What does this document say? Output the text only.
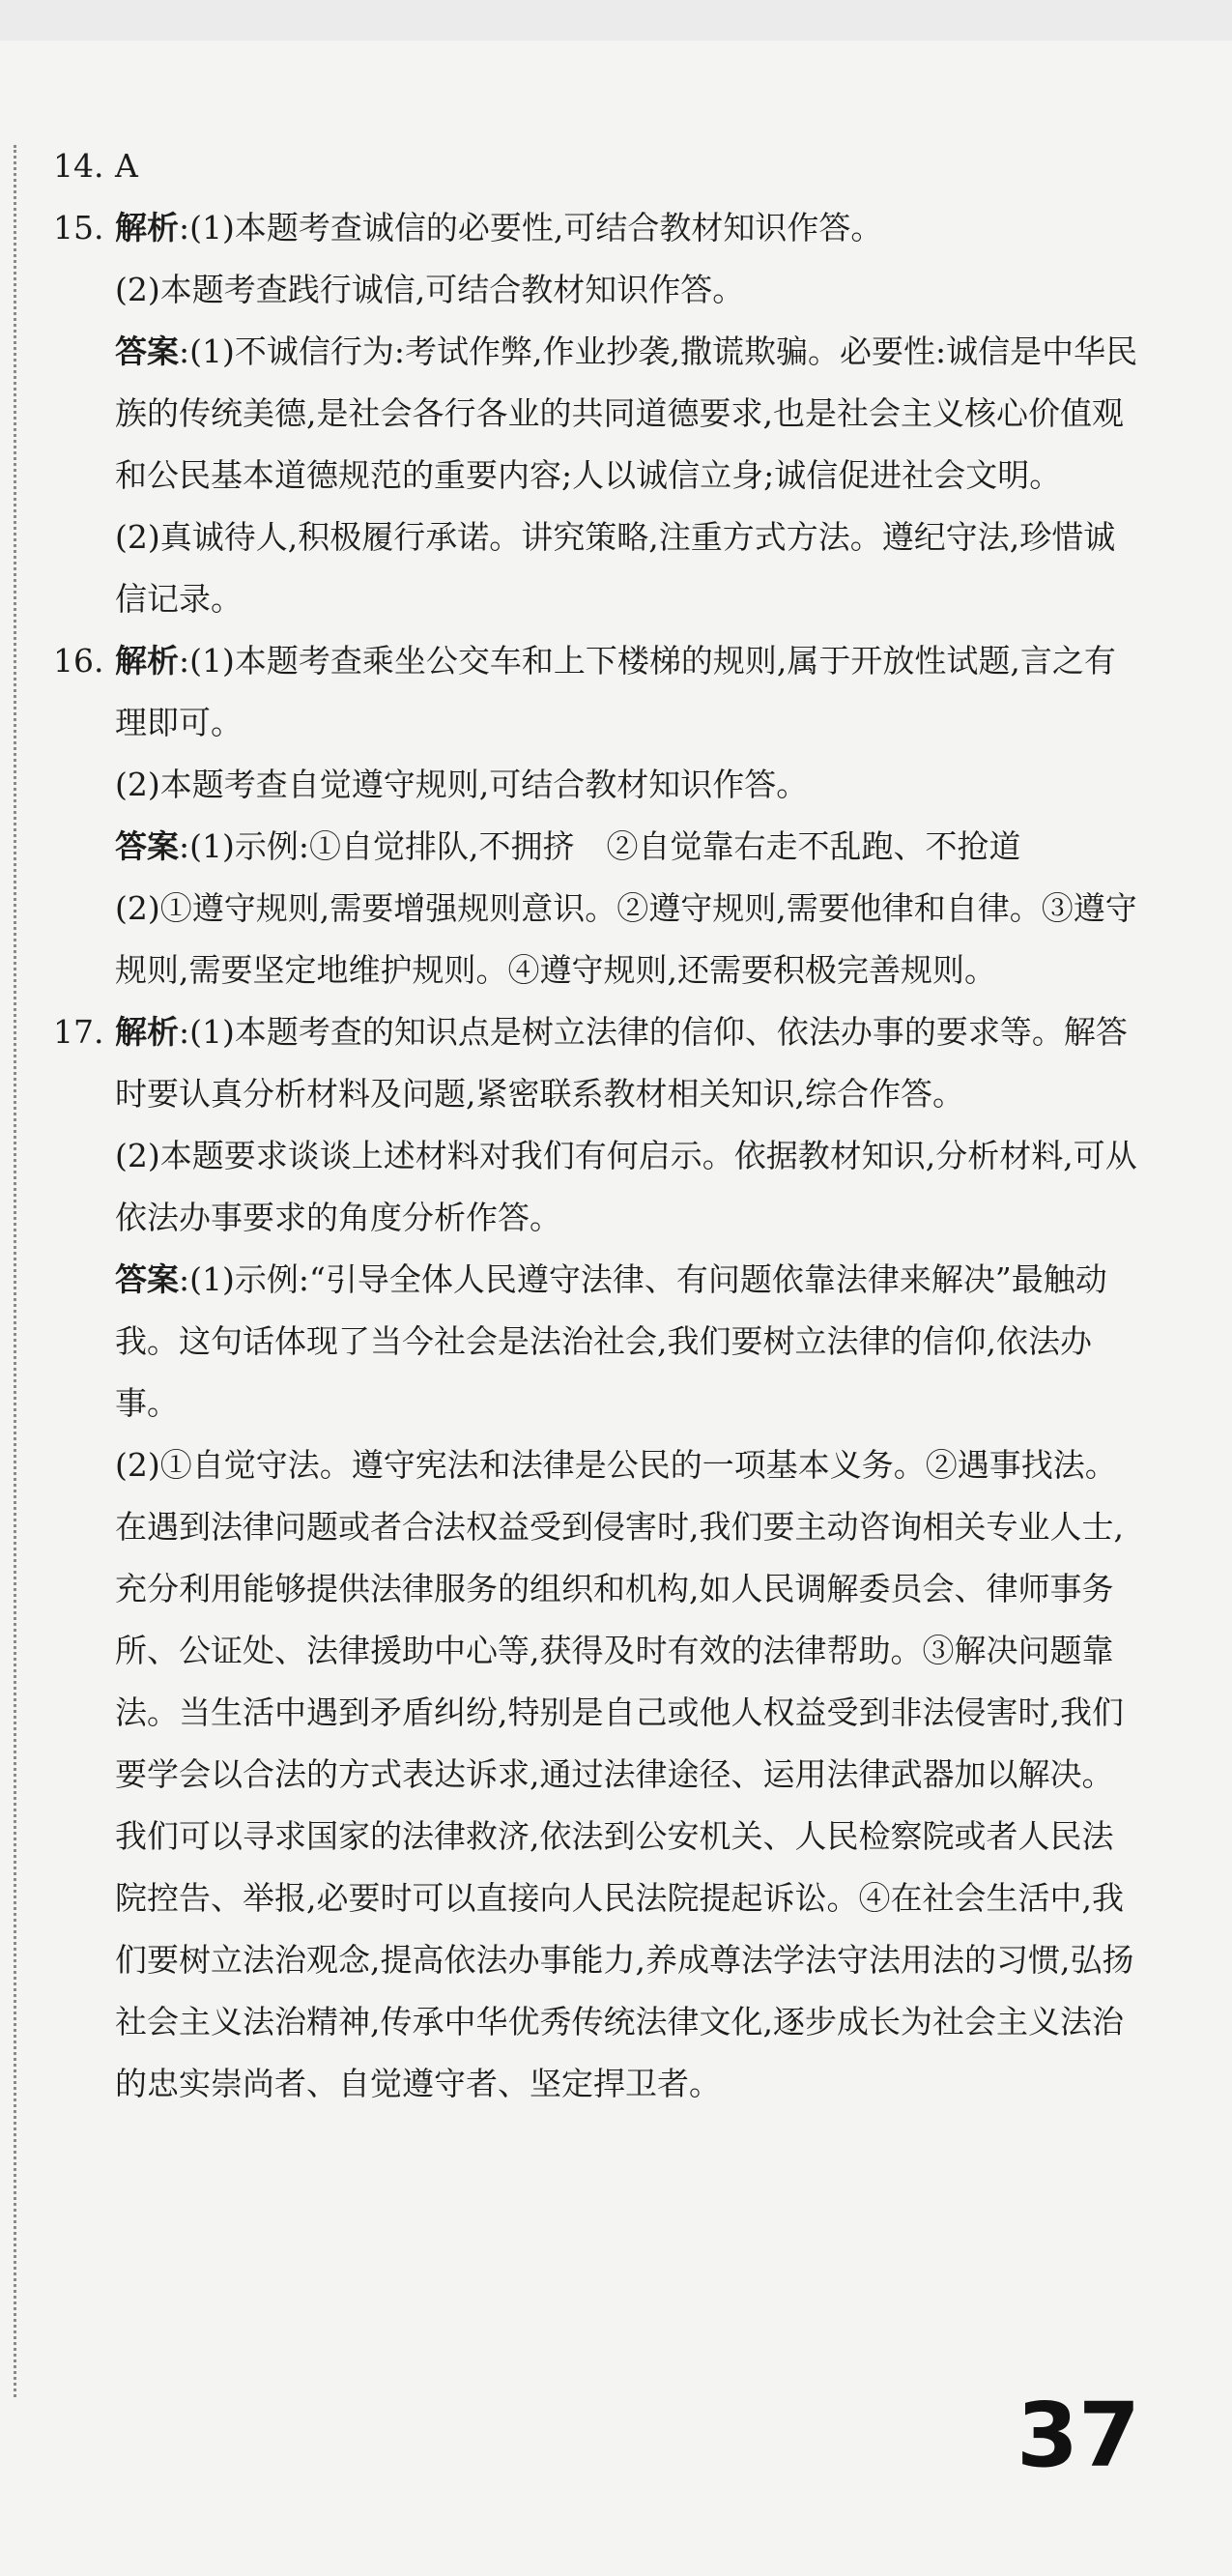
14. A

15. 解析:(1)本题考查诚信的必要性,可结合教材知识作答。

(2)本题考查践行诚信,可结合教材知识作答。

答案:(1)不诚信行为:考试作弊,作业抄袭,撒谎欺骗。必要性:诚信是中华民族的传统美德,是社会各行各业的共同道德要求,也是社会主义核心价值观和公民基本道德规范的重要内容;人以诚信立身;诚信促进社会文明。

(2)真诚待人,积极履行承诺。讲究策略,注重方式方法。遵纪守法,珍惜诚信记录。

16. 解析:(1)本题考查乘坐公交车和上下楼梯的规则,属于开放性试题,言之有理即可。

(2)本题考查自觉遵守规则,可结合教材知识作答。

答案:(1)示例:①自觉排队,不拥挤　②自觉靠右走不乱跑、不抢道

(2)①遵守规则,需要增强规则意识。②遵守规则,需要他律和自律。③遵守规则,需要坚定地维护规则。④遵守规则,还需要积极完善规则。

17. 解析:(1)本题考查的知识点是树立法律的信仰、依法办事的要求等。解答时要认真分析材料及问题,紧密联系教材相关知识,综合作答。

(2)本题要求谈谈上述材料对我们有何启示。依据教材知识,分析材料,可从依法办事要求的角度分析作答。

答案:(1)示例:“引导全体人民遵守法律、有问题依靠法律来解决”最触动我。这句话体现了当今社会是法治社会,我们要树立法律的信仰,依法办事。

(2)①自觉守法。遵守宪法和法律是公民的一项基本义务。②遇事找法。在遇到法律问题或者合法权益受到侵害时,我们要主动咨询相关专业人士,充分利用能够提供法律服务的组织和机构,如人民调解委员会、律师事务所、公证处、法律援助中心等,获得及时有效的法律帮助。③解决问题靠法。当生活中遇到矛盾纠纷,特别是自己或他人权益受到非法侵害时,我们要学会以合法的方式表达诉求,通过法律途径、运用法律武器加以解决。我们可以寻求国家的法律救济,依法到公安机关、人民检察院或者人民法院控告、举报,必要时可以直接向人民法院提起诉讼。④在社会生活中,我们要树立法治观念,提高依法办事能力,养成尊法学法守法用法的习惯,弘扬社会主义法治精神,传承中华优秀传统法律文化,逐步成长为社会主义法治的忠实崇尚者、自觉遵守者、坚定捍卫者。

37
